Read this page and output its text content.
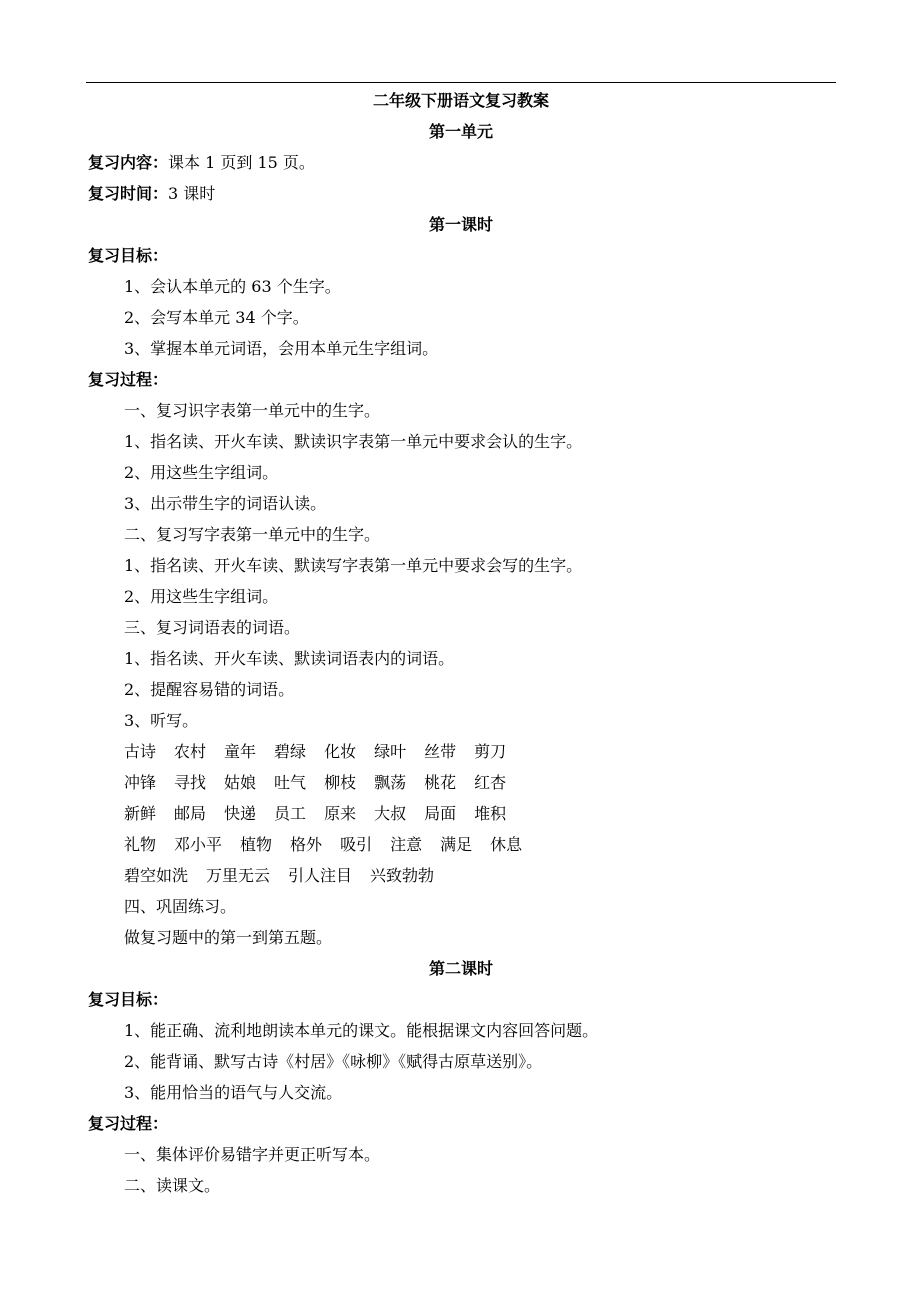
二年级下册语文复习教案
第一单元
复习内容：课本 1 页到 15 页。
复习时间：3 课时
第一课时
复习目标：
1、会认本单元的 63 个生字。
2、会写本单元 34 个字。
3、掌握本单元词语，会用本单元生字组词。
复习过程：
一、复习识字表第一单元中的生字。
1、指名读、开火车读、默读识字表第一单元中要求会认的生字。
2、用这些生字组词。
3、出示带生字的词语认读。
二、复习写字表第一单元中的生字。
1、指名读、开火车读、默读写字表第一单元中要求会写的生字。
2、用这些生字组词。
三、复习词语表的词语。
1、指名读、开火车读、默读词语表内的词语。
2、提醒容易错的词语。
3、听写。
古诗 农村 童年 碧绿 化妆 绿叶 丝带 剪刀
冲锋 寻找 姑娘 吐气 柳枝 飘荡 桃花 红杏
新鲜 邮局 快递 员工 原来 大叔 局面 堆积
礼物 邓小平 植物 格外 吸引 注意 满足 休息
碧空如洗 万里无云 引人注目 兴致勃勃
四、巩固练习。
做复习题中的第一到第五题。
第二课时
复习目标：
1、能正确、流利地朗读本单元的课文。能根据课文内容回答问题。
2、能背诵、默写古诗《村居》《咏柳》《赋得古原草送别》。
3、能用恰当的语气与人交流。
复习过程：
一、集体评价易错字并更正听写本。
二、读课文。
